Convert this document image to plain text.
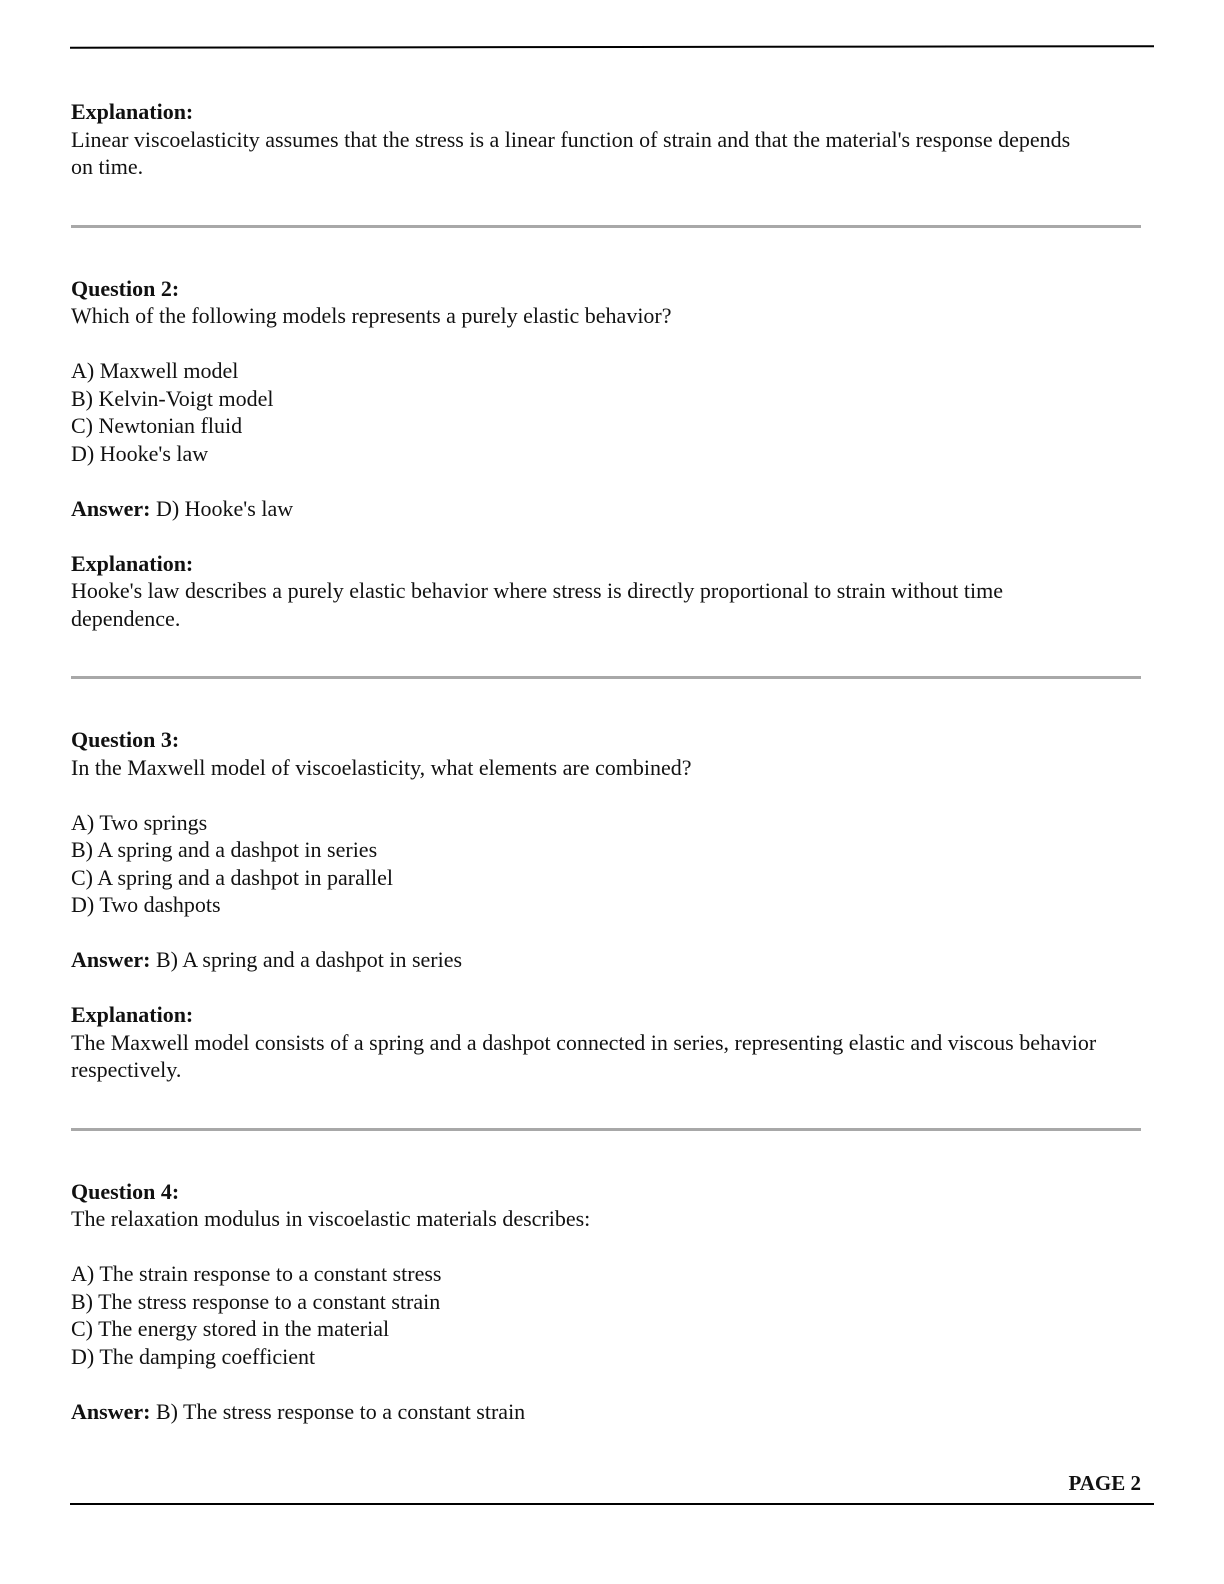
Explanation:

Linear viscoelasticity assumes that the stress is a linear function of strain and that the material's response depends on time.

Question 2:

Which of the following models represents a purely elastic behavior?

A) Maxwell model

B) Kelvin-Voigt model

C) Newtonian fluid

D) Hooke's law

Answer: D) Hooke's law

Explanation:

Hooke's law describes a purely elastic behavior where stress is directly proportional to strain without time dependence.

Question 3:

In the Maxwell model of viscoelasticity, what elements are combined?

A) Two springs

B) A spring and a dashpot in series

C) A spring and a dashpot in parallel

D) Two dashpots

Answer: B) A spring and a dashpot in series

Explanation:

The Maxwell model consists of a spring and a dashpot connected in series, representing elastic and viscous behavior respectively.

Question 4:

The relaxation modulus in viscoelastic materials describes:

A) The strain response to a constant stress

B) The stress response to a constant strain

C) The energy stored in the material

D) The damping coefficient

Answer: B) The stress response to a constant strain

PAGE 2
